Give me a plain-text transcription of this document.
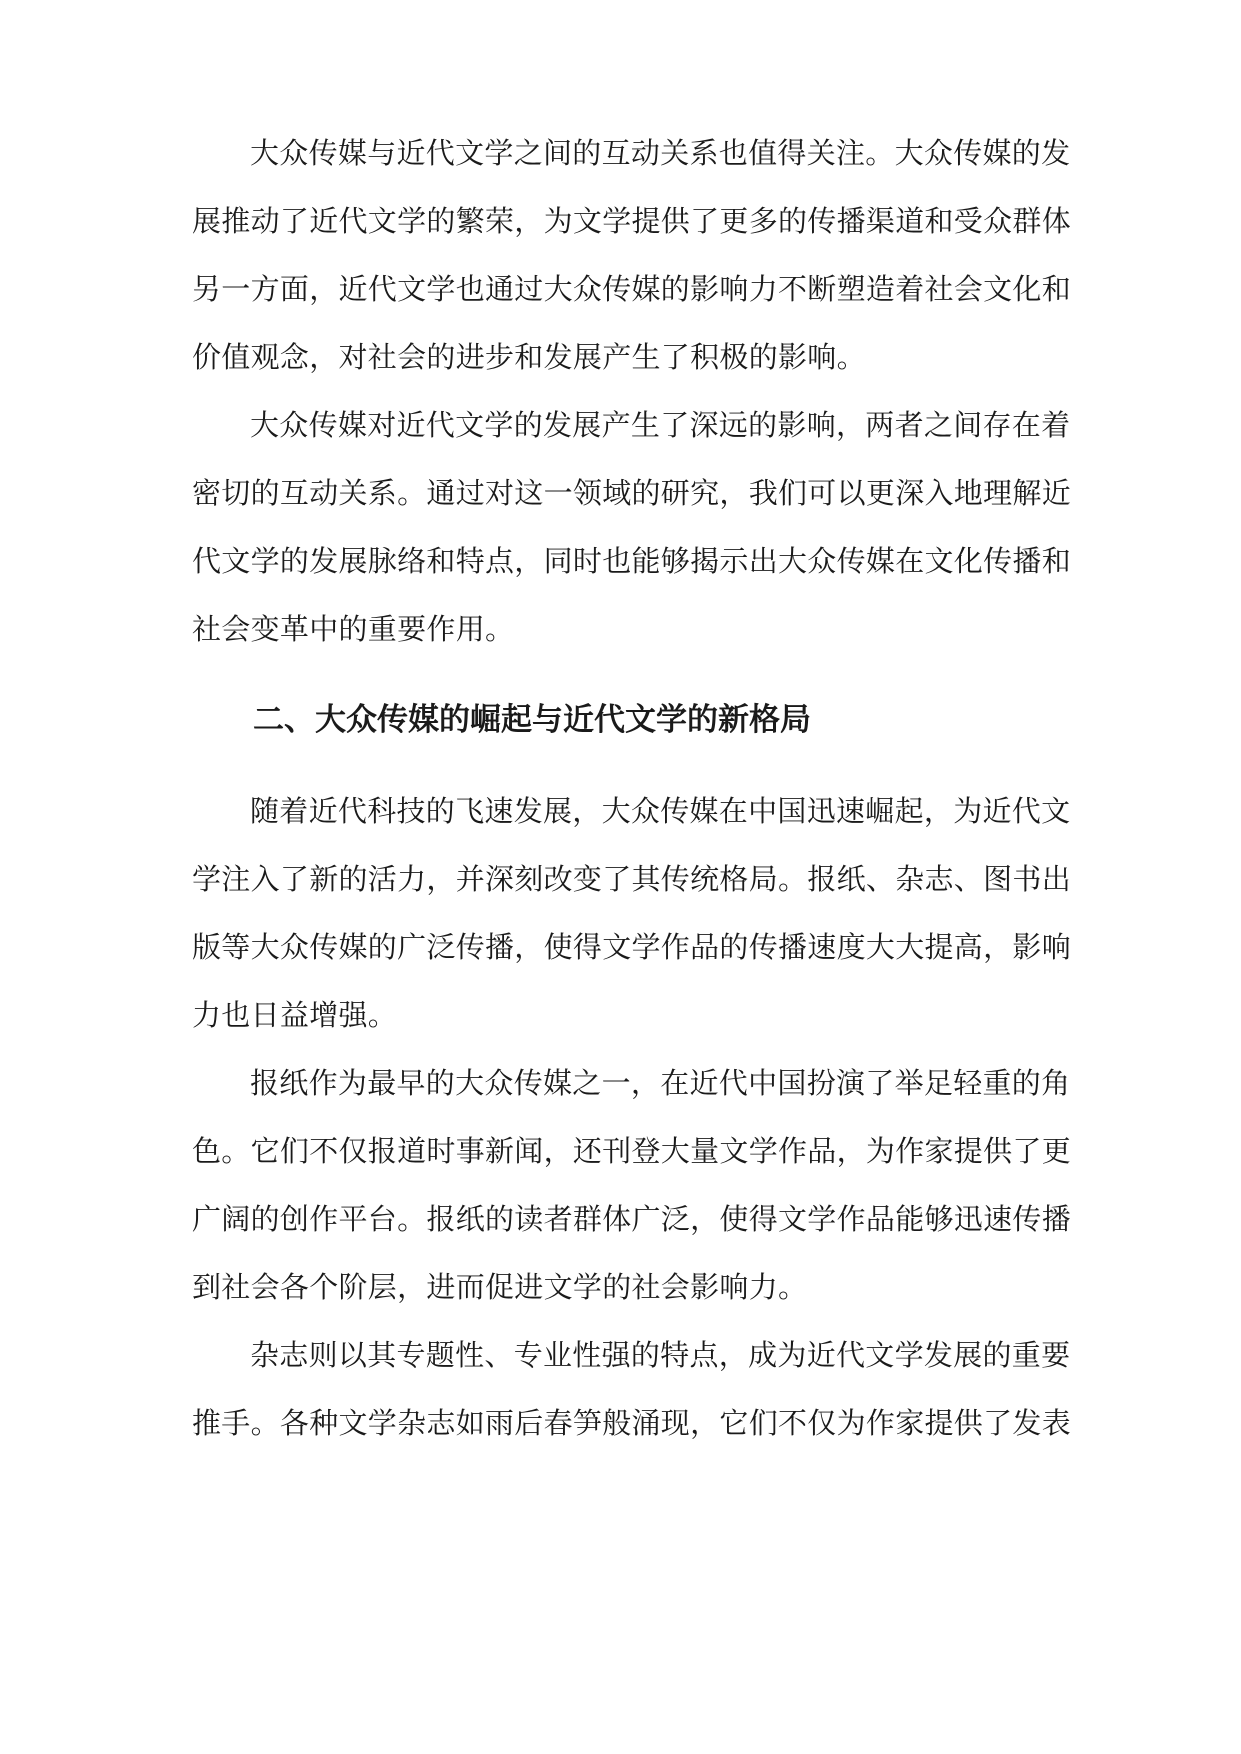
大众传媒与近代文学之间的互动关系也值得关注。大众传媒的发
展推动了近代文学的繁荣，为文学提供了更多的传播渠道和受众群体
另一方面，近代文学也通过大众传媒的影响力不断塑造着社会文化和
价值观念，对社会的进步和发展产生了积极的影响。
大众传媒对近代文学的发展产生了深远的影响，两者之间存在着
密切的互动关系。通过对这一领域的研究，我们可以更深入地理解近
代文学的发展脉络和特点，同时也能够揭示出大众传媒在文化传播和
社会变革中的重要作用。
二、大众传媒的崛起与近代文学的新格局
随着近代科技的飞速发展，大众传媒在中国迅速崛起，为近代文
学注入了新的活力，并深刻改变了其传统格局。报纸、杂志、图书出
版等大众传媒的广泛传播，使得文学作品的传播速度大大提高，影响
力也日益增强。
报纸作为最早的大众传媒之一，在近代中国扮演了举足轻重的角
色。它们不仅报道时事新闻，还刊登大量文学作品，为作家提供了更
广阔的创作平台。报纸的读者群体广泛，使得文学作品能够迅速传播
到社会各个阶层，进而促进文学的社会影响力。
杂志则以其专题性、专业性强的特点，成为近代文学发展的重要
推手。各种文学杂志如雨后春笋般涌现，它们不仅为作家提供了发表
